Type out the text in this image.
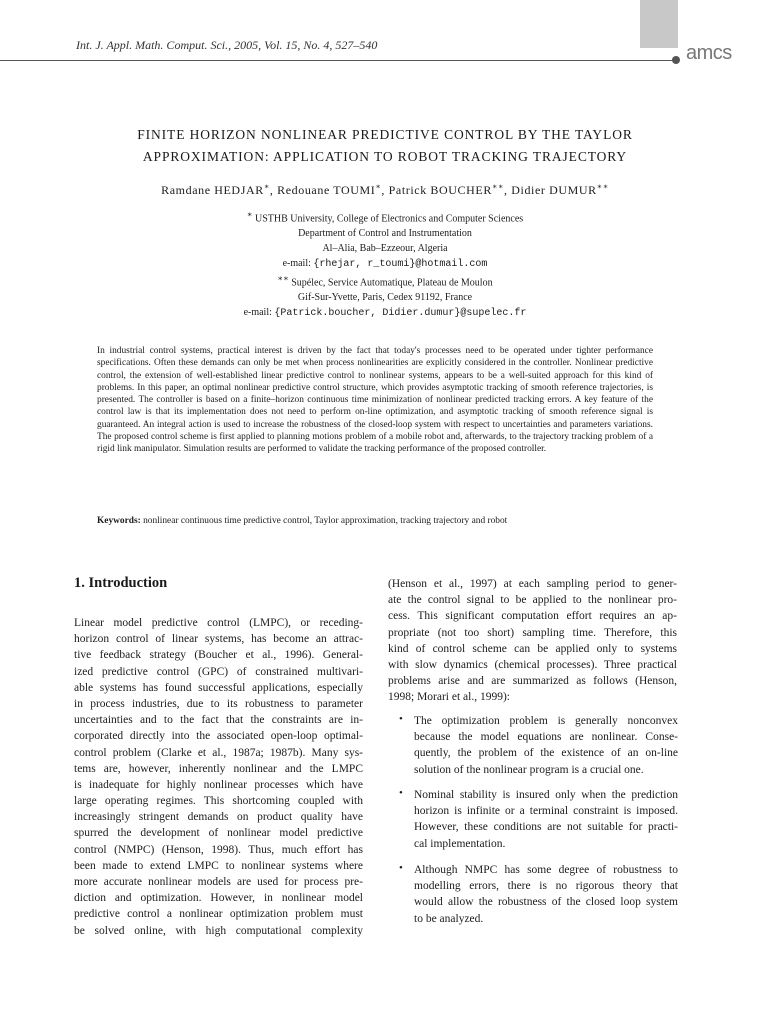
Int. J. Appl. Math. Comput. Sci., 2005, Vol. 15, No. 4, 527–540	amcs
FINITE HORIZON NONLINEAR PREDICTIVE CONTROL BY THE TAYLOR
APPROXIMATION: APPLICATION TO ROBOT TRACKING TRAJECTORY
Ramdane HEDJAR∗, Redouane TOUMI∗, Patrick BOUCHER∗∗, Didier DUMUR∗∗
∗ USTHB University, College of Electronics and Computer Sciences
Department of Control and Instrumentation
Al–Alia, Bab–Ezzeour, Algeria
e-mail: {rhejar, r_toumi}@hotmail.com
∗∗ Supélec, Service Automatique, Plateau de Moulon
Gif-Sur-Yvette, Paris, Cedex 91192, France
e-mail: {Patrick.boucher, Didier.dumur}@supelec.fr
In industrial control systems, practical interest is driven by the fact that today's processes need to be operated under tighter performance specifications. Often these demands can only be met when process nonlinearities are explicitly considered in the controller. Nonlinear predictive control, the extension of well-established linear predictive control to nonlinear systems, appears to be a well-suited approach for this kind of problems. In this paper, an optimal nonlinear predictive control structure, which provides asymptotic tracking of smooth reference trajectories, is presented. The controller is based on a finite–horizon continuous time minimization of nonlinear predicted tracking errors. A key feature of the control law is that its implementation does not need to perform on-line optimization, and asymptotic tracking of smooth reference signal is guaranteed. An integral action is used to increase the robustness of the closed-loop system with respect to uncertainties and parameters variations. The proposed control scheme is first applied to planning motions problem of a mobile robot and, afterwards, to the trajectory tracking problem of a rigid link manipulator. Simulation results are performed to validate the tracking performance of the proposed controller.
Keywords: nonlinear continuous time predictive control, Taylor approximation, tracking trajectory and robot
1. Introduction
Linear model predictive control (LMPC), or receding-
horizon control of linear systems, has become an attrac-
tive feedback strategy (Boucher et al., 1996). General-
ized predictive control (GPC) of constrained multivari-
able systems has found successful applications, especially
in process industries, due to its robustness to parameter
uncertainties and to the fact that the constraints are in-
corporated directly into the associated open-loop optimal-
control problem (Clarke et al., 1987a; 1987b). Many sys-
tems are, however, inherently nonlinear and the LMPC
is inadequate for highly nonlinear processes which have
large operating regimes. This shortcoming coupled with
increasingly stringent demands on product quality have
spurred the development of nonlinear model predictive
control (NMPC) (Henson, 1998). Thus, much effort has
been made to extend LMPC to nonlinear systems where
more accurate nonlinear models are used for process pre-
diction and optimization. However, in nonlinear model
predictive control a nonlinear optimization problem must
be solved online, with high computational complexity
(Henson et al., 1997) at each sampling period to gener-
ate the control signal to be applied to the nonlinear pro-
cess. This significant computation effort requires an ap-
propriate (not too short) sampling time. Therefore, this
kind of control scheme can be applied only to systems
with slow dynamics (chemical processes). Three practical
problems arise and are summarized as follows (Henson,
1998; Morari et al., 1999):
• The optimization problem is generally nonconvex
because the model equations are nonlinear. Conse-
quently, the problem of the existence of an on-line
solution of the nonlinear program is a crucial one.
• Nominal stability is insured only when the prediction
horizon is infinite or a terminal constraint is imposed.
However, these conditions are not suitable for practi-
cal implementation.
• Although NMPC has some degree of robustness to
modelling errors, there is no rigorous theory that
would allow the robustness of the closed loop system
to be analyzed.
